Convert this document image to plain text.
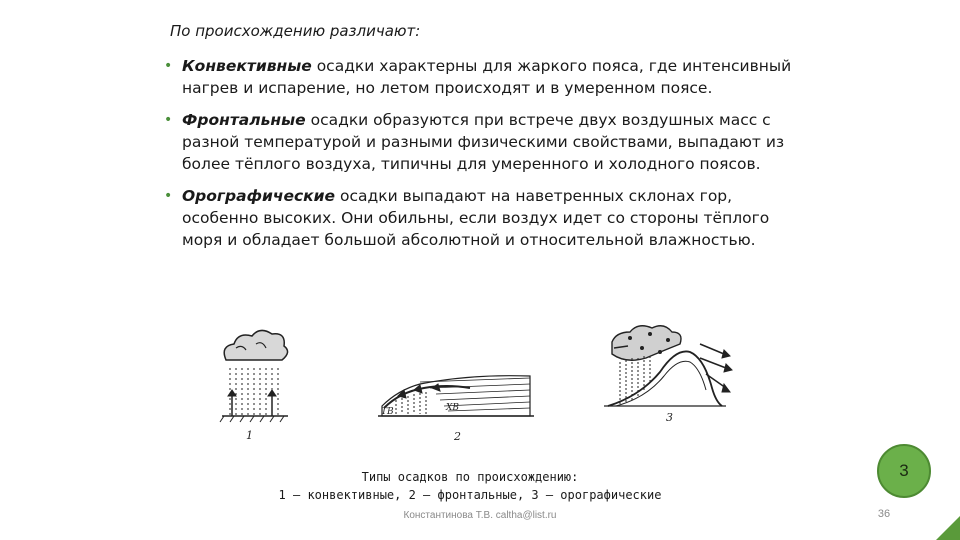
По происхождению различают:
• Конвективные осадки характерны для жаркого пояса, где интенсивный нагрев и испарение, но летом происходят и в умеренном поясе.
• Фронтальные осадки образуются при встрече двух воздушных масс с разной температурой и разными физическими свойствами, выпадают из более тёплого воздуха, типичны для умеренного и холодного поясов.
• Орографические осадки выпадают на наветренных склонах гор, особенно высоких. Они обильны, если воздух идет со стороны тёплого моря и обладает большой абсолютной и относительной влажностью.
1
ТВ	ХВ
2
3
Типы осадков по происхождению:
1 – конвективные, 2 – фронтальные, 3 – орографические
Константинова Т.В. caltha@list.ru
3
36
